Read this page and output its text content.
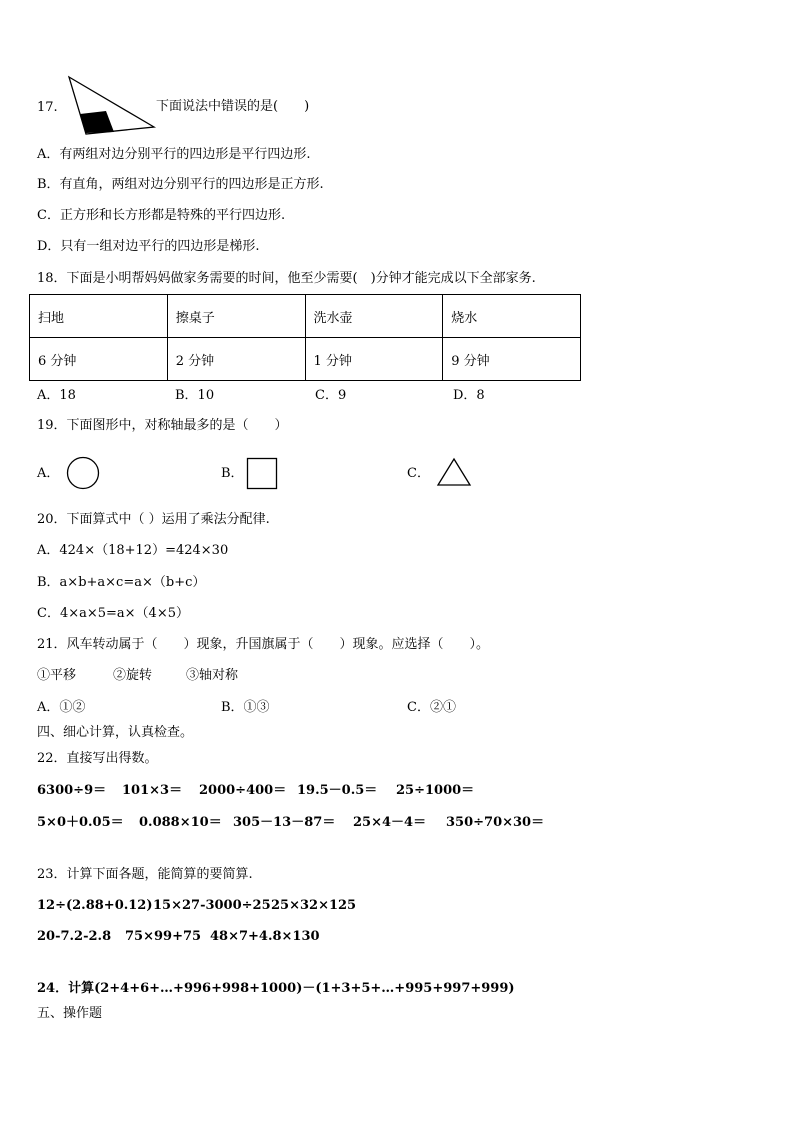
17.	下面说法中错误的是(　　)
A．有两组对边分别平行的四边形是平行四边形.
B．有直角，两组对边分别平行的四边形是正方形.
C．正方形和长方形都是特殊的平行四边形.
D．只有一组对边平行的四边形是梯形.
18．下面是小明帮妈妈做家务需要的时间，他至少需要(　)分钟才能完成以下全部家务.
扫地	擦桌子	洗水壶	烧水
6 分钟	2 分钟	1 分钟	9 分钟
A．18	B．10	C．9	D．8
19．下面图形中，对称轴最多的是（　　）
A．	B．	C．
20．下面算式中（ ）运用了乘法分配律.
A．424×（18+12）=424×30
B．a×b+a×c=a×（b+c）
C．4×a×5=a×（4×5）
21．风车转动属于（　　）现象，升国旗属于（　　）现象。应选择（　　）。
①平移	②旋转	③轴对称
A．①②	B．①③	C．②①
四、细心计算，认真检查。
22．直接写出得数。
6300÷9＝ 101×3＝ 2000÷400＝ 19.5－0.5＝ 25÷1000＝
5×0＋0.05＝ 0.088×10＝ 305－13－87＝ 25×4－4＝ 350÷70×30＝
23．计算下面各题，能简算的要简算.
12÷(2.88+0.12) 15×27-3000÷25 25×32×125
20-7.2-2.8 75×99+75 48×7+4.8×130
24．计算(2+4+6+…+996+998+1000)－(1+3+5+…+995+997+999)
五、操作题
